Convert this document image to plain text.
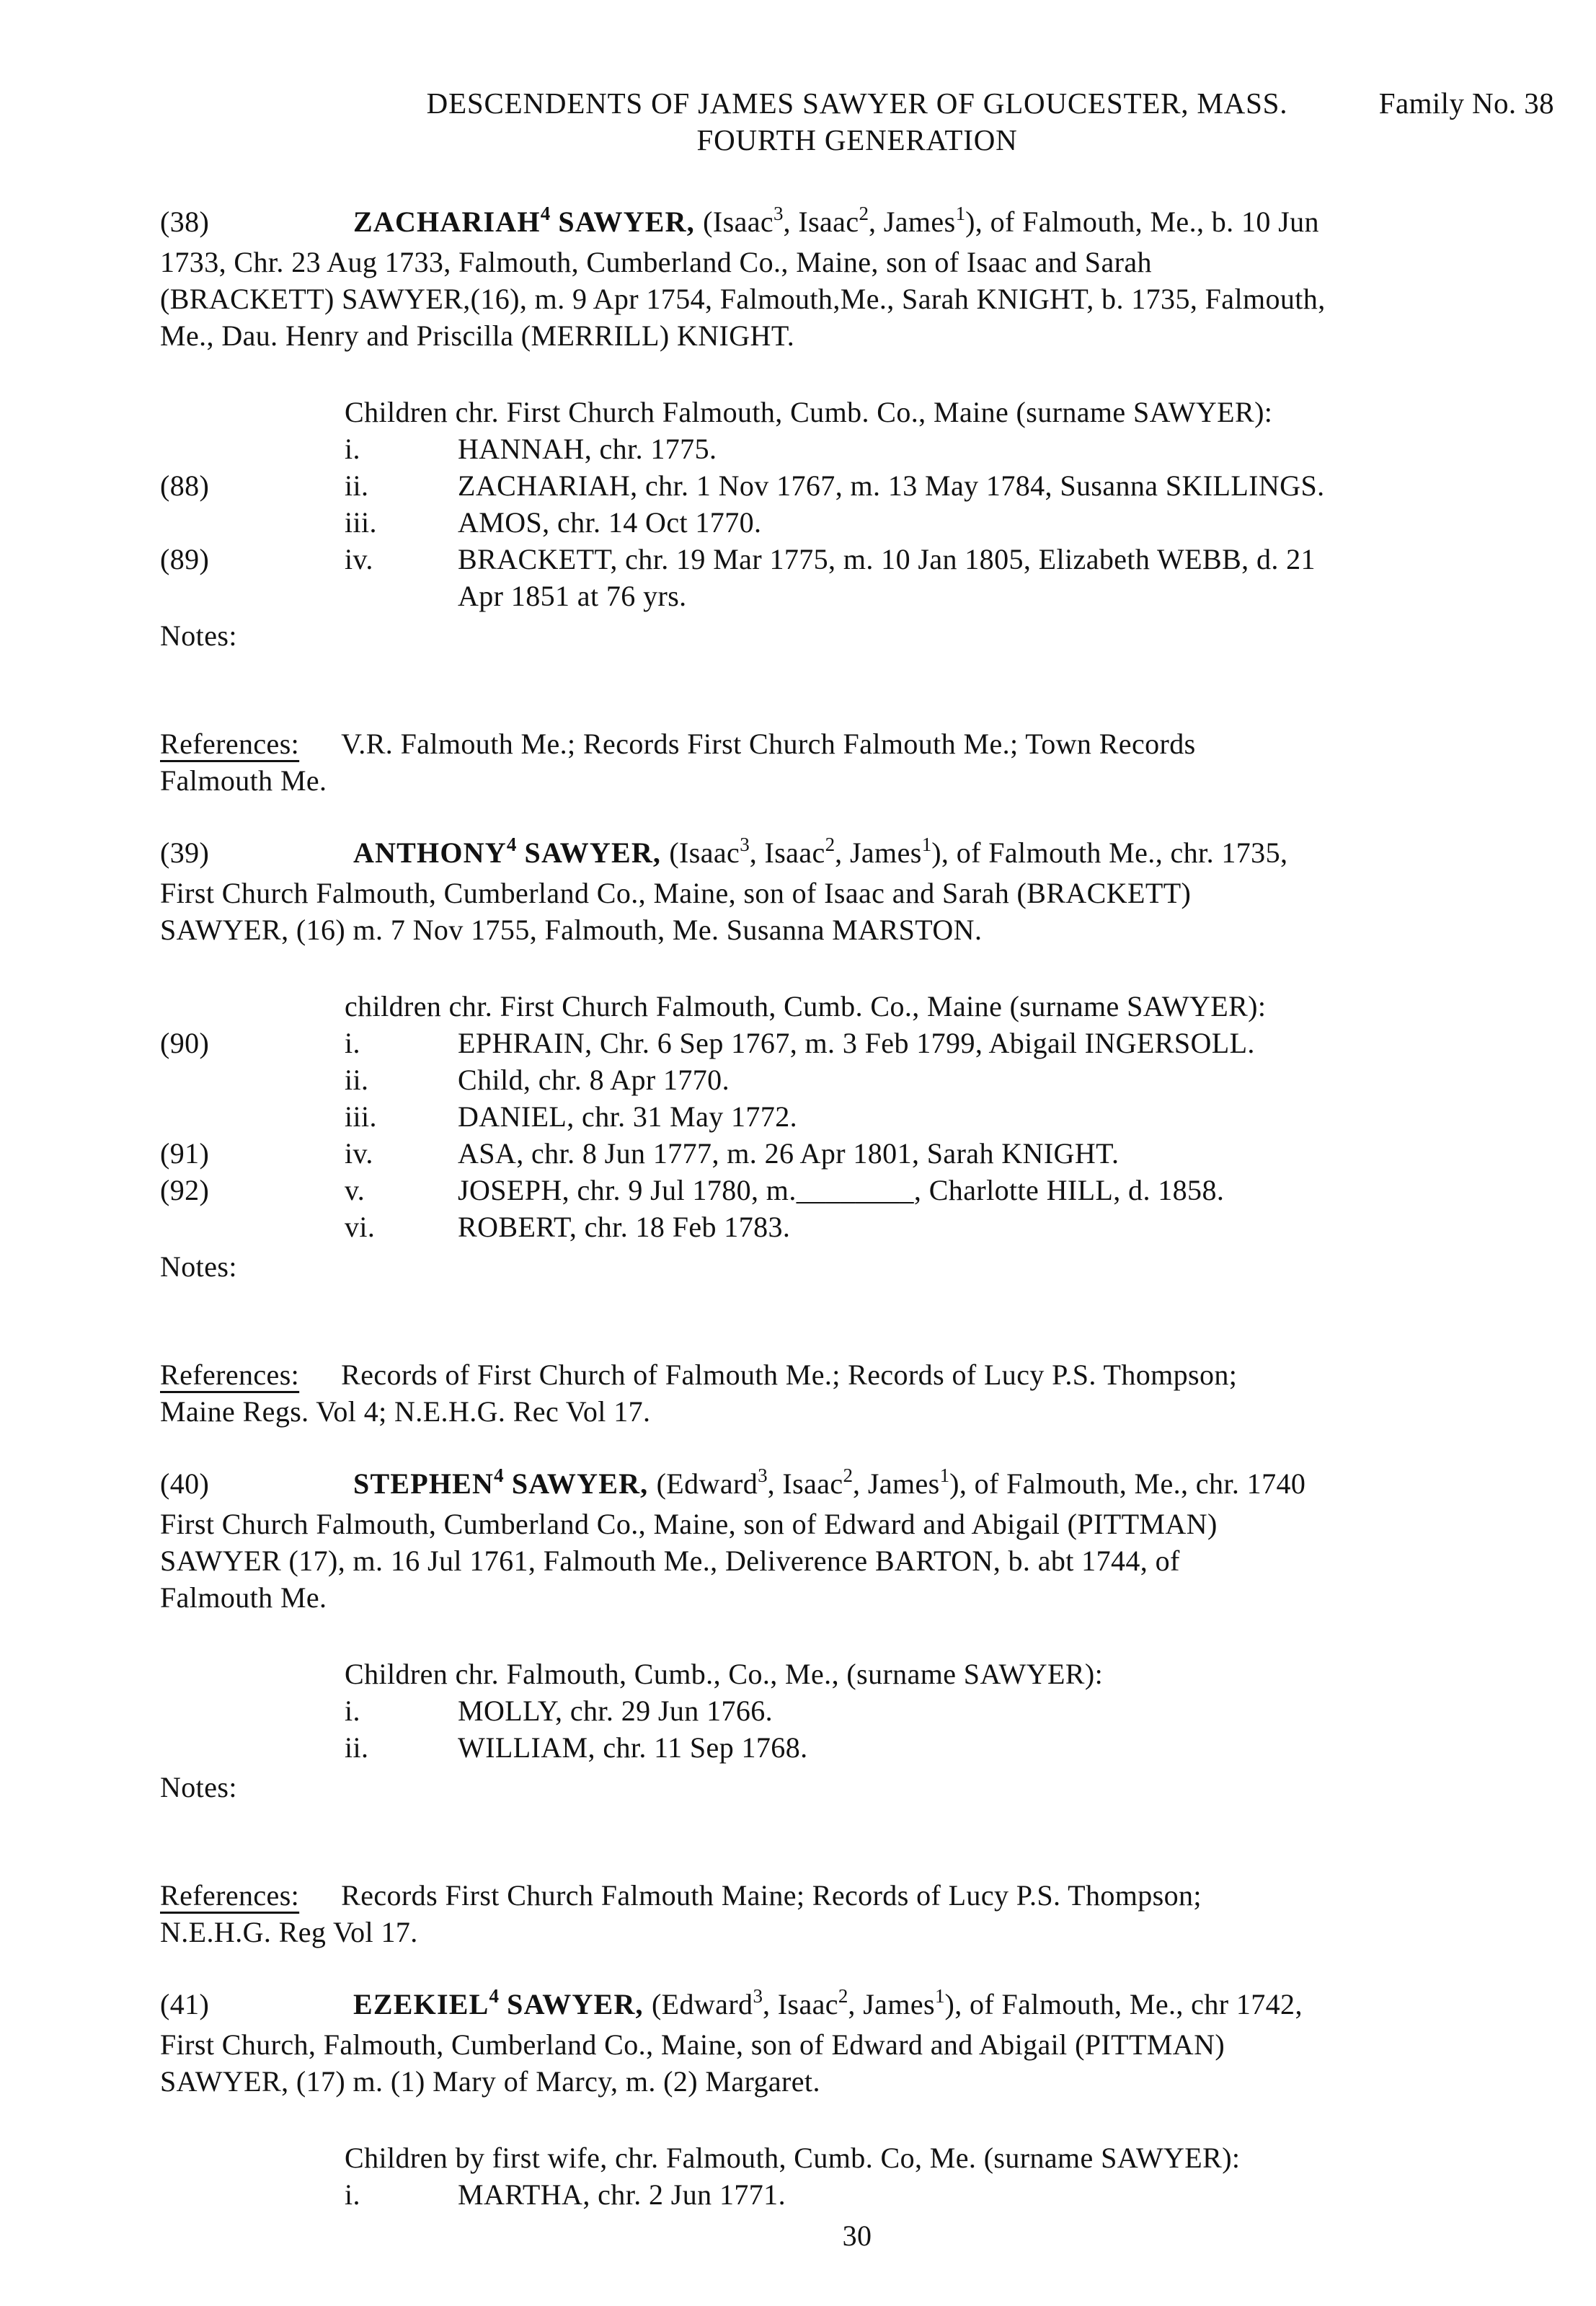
DESCENDENTS OF JAMES SAWYER OF GLOUCESTER, MASS.	Family No. 38
FOURTH GENERATION
(38)	ZACHARIAH$^4$ SAWYER, (Isaac$^3$, Isaac$^2$, James$^1$), of Falmouth, Me., b. 10 Jun
1733, Chr. 23 Aug 1733, Falmouth, Cumberland Co., Maine, son of Isaac and Sarah
(BRACKETT) SAWYER,(16), m. 9 Apr 1754, Falmouth,Me., Sarah KNIGHT, b. 1735, Falmouth,
Me., Dau. Henry and Priscilla (MERRILL) KNIGHT.
Children chr. First Church Falmouth, Cumb. Co., Maine (surname SAWYER):
i.	HANNAH, chr. 1775.
(88)	ii.	ZACHARIAH, chr. 1 Nov 1767, m. 13 May 1784, Susanna SKILLINGS.
iii.	AMOS, chr. 14 Oct 1770.
(89)	iv.	BRACKETT, chr. 19 Mar 1775, m. 10 Jan 1805, Elizabeth WEBB, d. 21
Apr 1851 at 76 yrs.
Notes:
References: V.R. Falmouth Me.; Records First Church Falmouth Me.; Town Records
Falmouth Me.
(39)	ANTHONY$^4$ SAWYER, (Isaac$^3$, Isaac$^2$, James$^1$), of Falmouth Me., chr. 1735,
First Church Falmouth, Cumberland Co., Maine, son of Isaac and Sarah (BRACKETT)
SAWYER, (16) m. 7 Nov 1755, Falmouth, Me. Susanna MARSTON.
children chr. First Church Falmouth, Cumb. Co., Maine (surname SAWYER):
(90)	i.	EPHRAIN, Chr. 6 Sep 1767, m. 3 Feb 1799, Abigail INGERSOLL.
ii.	Child, chr. 8 Apr 1770.
iii.	DANIEL, chr. 31 May 1772.
(91)	iv.	ASA, chr. 8 Jun 1777, m. 26 Apr 1801, Sarah KNIGHT.
(92)	v.	JOSEPH, chr. 9 Jul 1780, m.________, Charlotte HILL, d. 1858.
vi.	ROBERT, chr. 18 Feb 1783.
Notes:
References: Records of First Church of Falmouth Me.; Records of Lucy P.S. Thompson;
Maine Regs. Vol 4; N.E.H.G. Rec Vol 17.
(40)	STEPHEN$^4$ SAWYER, (Edward$^3$, Isaac$^2$, James$^1$), of Falmouth, Me., chr. 1740
First Church Falmouth, Cumberland Co., Maine, son of Edward and Abigail (PITTMAN)
SAWYER (17), m. 16 Jul 1761, Falmouth Me., Deliverence BARTON, b. abt 1744, of
Falmouth Me.
Children chr. Falmouth, Cumb., Co., Me., (surname SAWYER):
i.	MOLLY, chr. 29 Jun 1766.
ii.	WILLIAM, chr. 11 Sep 1768.
Notes:
References: Records First Church Falmouth Maine; Records of Lucy P.S. Thompson;
N.E.H.G. Reg Vol 17.
(41)	EZEKIEL$^4$ SAWYER, (Edward$^3$, Isaac$^2$, James$^1$), of Falmouth, Me., chr 1742,
First Church, Falmouth, Cumberland Co., Maine, son of Edward and Abigail (PITTMAN)
SAWYER, (17) m. (1) Mary of Marcy, m. (2) Margaret.
Children by first wife, chr. Falmouth, Cumb. Co, Me. (surname SAWYER):
i.	MARTHA, chr. 2 Jun 1771.
30
